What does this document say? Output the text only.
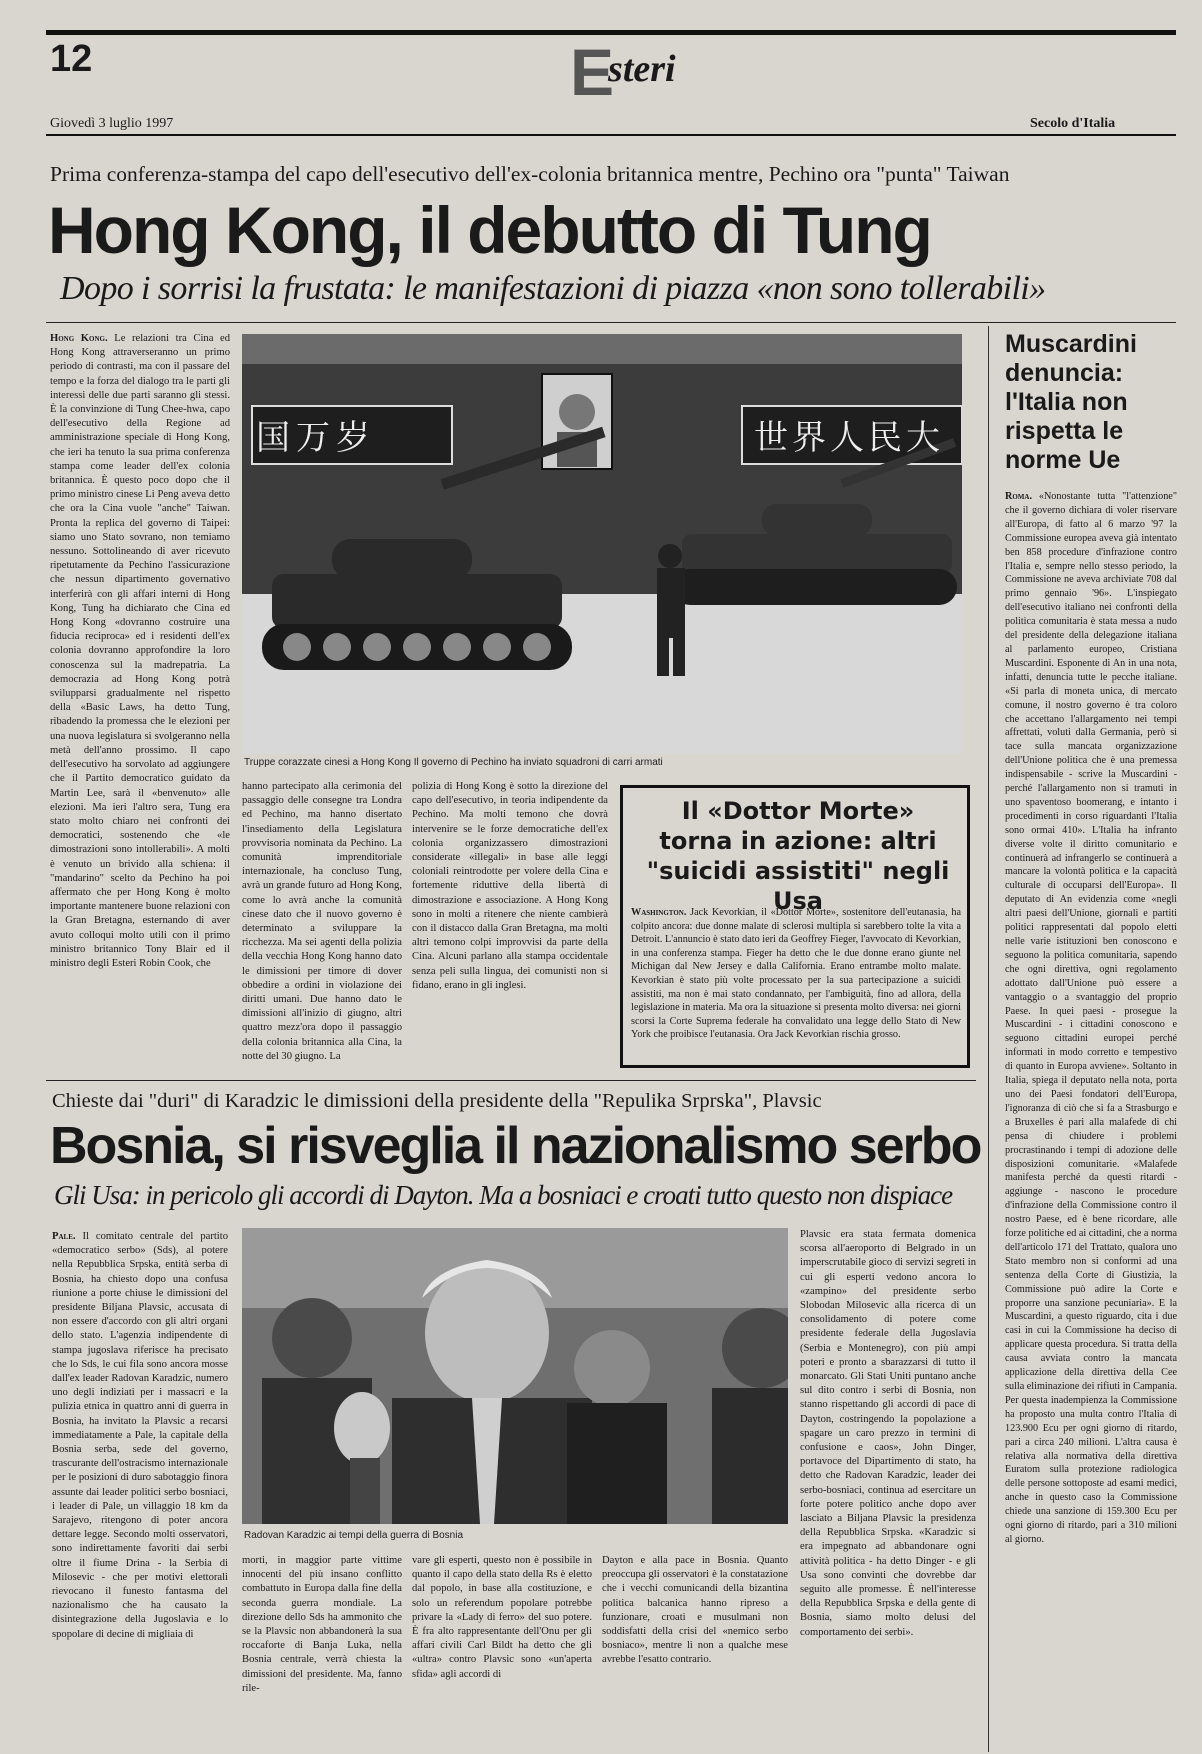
12	Esteri
Giovedì 3 luglio 1997	Secolo d'Italia
Prima conferenza-stampa del capo dell'esecutivo dell'ex-colonia britannica mentre, Pechino ora "punta" Taiwan
Hong Kong, il debutto di Tung
Dopo i sorrisi la frustata: le manifestazioni di piazza «non sono tollerabili»

Hong Kong. Le relazioni tra Cina ed Hong Kong attraverseranno un primo periodo di contrasti, ma con il passare del tempo e la forza del dialogo tra le parti gli interessi delle due parti saranno gli stessi. È la convinzione di Tung Chee-hwa, capo dell'esecutivo della Regione ad amministrazione speciale di Hong Kong, che ieri ha tenuto la sua prima conferenza stampa come leader dell'ex colonia britannica. È questo poco dopo che il primo ministro cinese Li Peng aveva detto che ora la Cina vuole "anche" Taiwan. Pronta la replica del governo di Taipei: siamo uno Stato sovrano, non temiamo nessuno. Sottolineando di aver ricevuto ripetutamente da Pechino l'assicurazione che nessun dipartimento governativo interferirà con gli affari interni di Hong Kong, Tung ha dichiarato che Cina ed Hong Kong «dovranno costruire una fiducia reciproca» ed i residenti dell'ex colonia dovranno approfondire la loro conoscenza sul la madrepatria. La democrazia ad Hong Kong potrà svilupparsi gradualmente nel rispetto della «Basic Laws, ha detto Tung, ribadendo la promessa che le elezioni per una nuova legislatura si svolgeranno nella metà dell'anno prossimo. Il capo dell'esecutivo ha sorvolato ad aggiungere che il Partito democratico guidato da Martin Lee, sarà il «benvenuto» alle elezioni. Ma ieri l'altro sera, Tung era stato molto chiaro nei confronti dei democratici, sostenendo che «le dimostrazioni sono intollerabili». A molti è venuto un brivido alla schiena: il "mandarino" scelto da Pechino ha poi affermato che per Hong Kong è molto importante mantenere buone relazioni con la Gran Bretagna, esternando di aver avuto colloqui molto utili con il primo ministro britannico Tony Blair ed il ministro degli Esteri Robin Cook, che

Truppe corazzate cinesi a Hong Kong Il governo di Pechino ha inviato squadroni di carri armati

hanno partecipato alla cerimonia del passaggio delle consegne tra Londra ed Pechino, ma hanno disertato l'insediamento della Legislatura provvisoria nominata da Pechino. La comunità imprenditoriale internazionale, ha concluso Tung, avrà un grande futuro ad Hong Kong, come lo avrà anche la comunità cinese dato che il nuovo governo è determinato a sviluppare la ricchezza. Ma sei agenti della polizia della vecchia Hong Kong hanno dato le dimissioni per timore di dover obbedire a ordini in violazione dei diritti umani. Due hanno dato le dimissioni all'inizio di giugno, altri quattro mezz'ora dopo il passaggio della colonia britannica alla Cina, la notte del 30 giugno. La

polizia di Hong Kong è sotto la direzione del capo dell'esecutivo, in teoria indipendente da Pechino. Ma molti temono che dovrà intervenire se le forze democratiche dell'ex colonia organizzassero dimostrazioni considerate «illegali» in base alle leggi coloniali reintrodotte per volere della Cina e fortemente riduttive della libertà di dimostrazione e associazione. A Hong Kong sono in molti a ritenere che niente cambierà con il distacco dalla Gran Bretagna, ma molti altri temono colpi improvvisi da parte della Cina. Alcuni parlano alla stampa occidentale senza peli sulla lingua, dei comunisti non si fidano, erano in gli inglesi.

Il «Dottor Morte» torna in azione: altri "suicidi assistiti" negli Usa

Washington. Jack Kevorkian, il «Dottor Morte», sostenitore dell'eutanasia, ha colpito ancora: due donne malate di sclerosi multipla si sarebbero tolte la vita a Detroit. L'annuncio è stato dato ieri da Geoffrey Fieger, l'avvocato di Kevorkian, in una conferenza stampa. Fieger ha detto che le due donne erano giunte nel Michigan dal New Jersey e dalla California. Erano entrambe molto malate. Kevorkian è stato più volte processato per la sua partecipazione a suicidi assistiti, ma non è mai stato condannato, per l'ambiguità, fino ad allora, della legislazione in materia. Ma ora la situazione si presenta molto diversa: nei giorni scorsi la Corte Suprema federale ha convalidato una legge dello Stato di New York che proibisce l'eutanasia. Ora Jack Kevorkian rischia grosso.

Muscardini denuncia: l'Italia non rispetta le norme Ue

Roma. «Nonostante tutta "l'attenzione" che il governo dichiara di voler riservare all'Europa, di fatto al 6 marzo '97 la Commissione europea aveva già intentato ben 858 procedure d'infrazione contro l'Italia e, sempre nello stesso periodo, la Commissione ne aveva archiviate 708 dal primo gennaio '96». L'inspiegato dell'esecutivo italiano nei confronti della politica comunitaria è stata messa a nudo del presidente della delegazione italiana al parlamento europeo, Cristiana Muscardini. Esponente di An in una nota, infatti, denuncia tutte le pecche italiane. «Si parla di moneta unica, di mercato comune, il nostro governo è tra coloro che accettano l'allargamento nei tempi affrettati, voluti dalla Germania, però si tace sulla mancata organizzazione dell'Unione politica che è una premessa indispensabile - scrive la Muscardini - perché l'allargamento non si tramuti in uno spaventoso boomerang, e intanto i procedimenti in corso riguardanti l'Italia sono ormai 410». L'Italia ha infranto diverse volte il diritto comunitario e continuerà ad infrangerlo se continuerà a mancare la volontà politica e la capacità culturale di occuparsi dell'Europa». Il deputato di An evidenzia come «negli altri paesi dell'Unione, giornali e partiti politici rappresentati dal popolo eletti nelle varie istituzioni ben conoscono e seguono la politica comunitaria, sapendo che ogni direttiva, ogni regolamento adottato dall'Unione può essere a vantaggio o a svantaggio del proprio Paese. In quei paesi - prosegue la Muscardini - i cittadini conoscono e seguono cittadini europei perché informati in modo corretto e tempestivo di quanto in Europa avviene». Soltanto in Italia, spiega il deputato nella nota, porta uno dei Paesi fondatori dell'Europa, l'ignoranza di ciò che si fa a Strasburgo e a Bruxelles è pari alla malafede di chi pensa di chiudere i problemi procrastinando i tempi di adozione delle disposizioni comunitarie. «Malafede manifesta perché da questi ritardi - aggiunge - nascono le procedure d'infrazione della Commissione contro il nostro Paese, ed è bene ricordare, alle forze politiche ed ai cittadini, che a norma dell'articolo 171 del Trattato, qualora uno Stato membro non si conformi ad una sentenza della Corte di Giustizia, la Commissione può adire la Corte e proporre una sanzione pecuniaria». E la Muscardini, a questo riguardo, cita i due casi in cui la Commissione ha deciso di applicare questa procedura. Si tratta della causa avviata contro la mancata applicazione della direttiva della Cee sulla eliminazione dei rifiuti in Campania. Per questa inadempienza la Commissione ha proposto una multa contro l'Italia di 123.900 Ecu per ogni giorno di ritardo, pari a circa 240 milioni. L'altra causa è relativa alla normativa della direttiva Euratom sulla protezione radiologica delle persone sottoposte ad esami medici, anche in questo caso la Commissione chiede una sanzione di 159.300 Ecu per ogni giorno di ritardo, pari a 310 milioni al giorno.

Chieste dai "duri" di Karadzic le dimissioni della presidente della "Repulika Srprska", Plavsic
Bosnia, si risveglia il nazionalismo serbo
Gli Usa: in pericolo gli accordi di Dayton. Ma a bosniaci e croati tutto questo non dispiace

Pale. Il comitato centrale del partito «democratico serbo» (Sds), al potere nella Repubblica Srpska, entità serba di Bosnia, ha chiesto dopo una confusa riunione a porte chiuse le dimissioni del presidente Biljana Plavsic, accusata di non essere d'accordo con gli altri organi dello stato. L'agenzia indipendente di stampa jugoslava riferisce ha precisato che lo Sds, le cui fila sono ancora mosse dall'ex leader Radovan Karadzic, numero uno degli indiziati per i massacri e la pulizia etnica in quattro anni di guerra in Bosnia, ha invitato la Plavsic a recarsi immediatamente a Pale, la capitale della Bosnia serba, sede del governo, trascurante dell'ostracismo internazionale per le posizioni di duro sabotaggio finora assunte dai leader politici serbo bosniaci, i leader di Pale, un villaggio 18 km da Sarajevo, ritengono di poter ancora dettare legge. Secondo molti osservatori, sono indirettamente favoriti dai serbi oltre il fiume Drina - la Serbia di Milosevic - che per motivi elettorali rievocano il funesto fantasma del nazionalismo che ha causato la disintegrazione della Jugoslavia e lo spopolare di decine di migliaia di

Radovan Karadzic ai tempi della guerra di Bosnia

morti, in maggior parte vittime innocenti del più insano conflitto combattuto in Europa dalla fine della seconda guerra mondiale. La direzione dello Sds ha ammonito che se la Plavsic non abbandonerà la sua roccaforte di Banja Luka, nella Bosnia centrale, verrà chiesta la dimissioni del presidente. Ma, fanno rile-

vare gli esperti, questo non è possibile in quanto il capo della stato della Rs è eletto dal popolo, in base alla costituzione, e solo un referendum popolare potrebbe privare la «Lady di ferro» del suo potere. È fra alto rappresentante dell'Onu per gli affari civili Carl Bildt ha detto che gli «ultra» contro Plavsic sono «un'aperta sfida» agli accordi di

Dayton e alla pace in Bosnia. Quanto preoccupa gli osservatori è la constatazione che i vecchi comunicandi della bizantina politica balcanica hanno ripreso a funzionare, croati e musulmani non soddisfatti della crisi del «nemico serbo bosniaco», mentre lì non a qualche mese avrebbe l'esatto contrario.

Plavsic era stata fermata domenica scorsa all'aeroporto di Belgrado in un imperscrutabile gioco di servizi segreti in cui gli esperti vedono ancora lo «zampino» del presidente serbo Slobodan Milosevic alla ricerca di un consolidamento di potere come presidente federale della Jugoslavia (Serbia e Montenegro), con più ampi poteri e pronto a sbarazzarsi di tutto il monarcato. Gli Stati Uniti puntano anche sul dito contro i serbi di Bosnia, non stanno rispettando gli accordi di pace di Dayton, costringendo la popolazione a spagare un caro prezzo in termini di confusione e caos», John Dinger, portavoce del Dipartimento di stato, ha detto che Radovan Karadzic, leader dei serbo-bosniaci, continua ad esercitare un forte potere politico anche dopo aver lasciato a Biljana Plavsic la presidenza della Repubblica Srpska. «Karadzic si era impegnato ad abbandonare ogni attività politica - ha detto Dinger - e gli Usa sono convinti che dovrebbe dar seguito alle promesse. È nell'interesse della Repubblica Srpska e della gente di Bosnia, siamo molto delusi del comportamento dei serbi».

国万岁	世界人民大
